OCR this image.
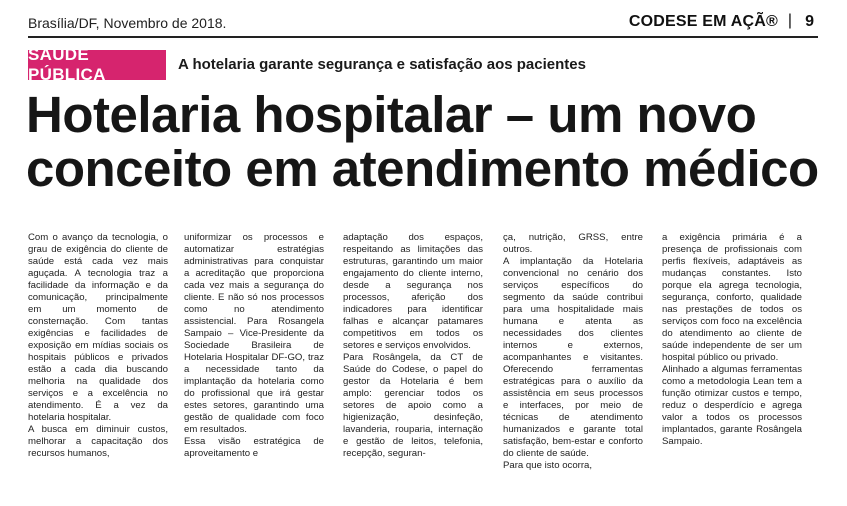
Brasília/DF, Novembro de 2018.	CODESE EM AÇÃ® | 9
SAÚDE PÚBLICA
A hotelaria garante segurança e satisfação aos pacientes
Hotelaria hospitalar – um novo
conceito em atendimento médico
Com o avanço da tecnologia, o grau de exigência do cliente de saúde está cada vez mais aguçada. A tecnologia traz a facilidade da informação e da comunicação, principalmente em um momento de consternação. Com tantas exigências e facilidades de exposição em mídias sociais os hospitais públicos e privados estão a cada dia buscando melhoria na qualidade dos serviços e a excelência no atendimento. É a vez da hotelaria hospitalar.
A busca em diminuir custos, melhorar a capacitação dos recursos humanos,
uniformizar os processos e automatizar estratégias administrativas para conquistar a acreditação que proporciona cada vez mais a segurança do cliente. E não só nos processos como no atendimento assistencial. Para Rosangela Sampaio – Vice-Presidente da Sociedade Brasileira de Hotelaria Hospitalar DF-GO, traz a necessidade tanto da implantação da hotelaria como do profissional que irá gestar estes setores, garantindo uma gestão de qualidade com foco em resultados.
Essa visão estratégica de aproveitamento e
adaptação dos espaços, respeitando as limitações das estruturas, garantindo um maior engajamento do cliente interno, desde a segurança nos processos, aferição dos indicadores para identificar falhas e alcançar patamares competitivos em todos os setores e serviços envolvidos.
Para Rosângela, da CT de Saúde do Codese, o papel do gestor da Hotelaria é bem amplo: gerenciar todos os setores de apoio como a higienização, desinfeção, lavanderia, rouparia, internação e gestão de leitos, telefonia, recepção, seguran-
ça, nutrição, GRSS, entre outros.
A implantação da Hotelaria convencional no cenário dos serviços específicos do segmento da saúde contribui para uma hospitalidade mais humana e atenta as necessidades dos clientes internos e externos, acompanhantes e visitantes. Oferecendo ferramentas estratégicas para o auxílio da assistência em seus processos e interfaces, por meio de técnicas de atendimento humanizados e garante total satisfação, bem-estar e conforto do cliente de saúde.
Para que isto ocorra,
a exigência primária é a presença de profissionais com perfis flexíveis, adaptáveis as mudanças constantes. Isto porque ela agrega tecnologia, segurança, conforto, qualidade nas prestações de todos os serviços com foco na excelência do atendimento ao cliente de saúde independente de ser um hospital público ou privado.
Alinhado a algumas ferramentas como a metodologia Lean tem a função otimizar custos e tempo, reduz o desperdício e agrega valor a todos os processos implantados, garante Rosângela Sampaio.
